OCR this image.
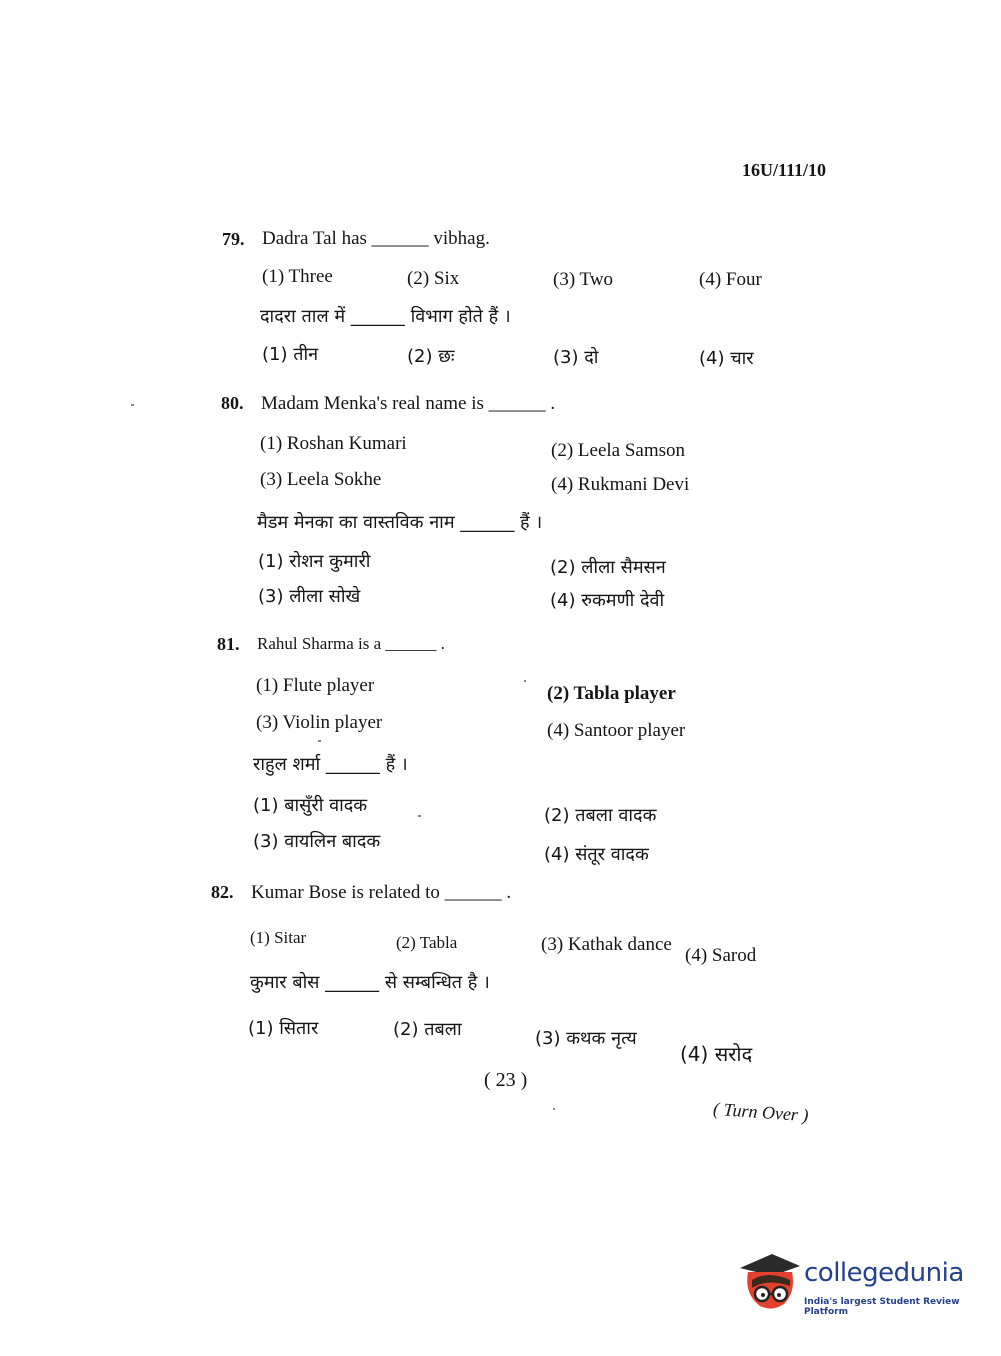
16U/111/10
79. Dadra Tal has ______ vibhag.
(1) Three	(2) Six	(3) Two	(4) Four
दादरा ताल में ______ विभाग होते हैं ।
(1) तीन	(2) छः	(3) दो	(4) चार
80. Madam Menka's real name is ______ .
(1) Roshan Kumari	(2) Leela Samson
(3) Leela Sokhe	(4) Rukmani Devi
मैडम मेनका का वास्तविक नाम ______ हैं ।
(1) रोशन कुमारी	(2) लीला सैमसन
(3) लीला सोखे	(4) रुकमणी देवी
81. Rahul Sharma is a ______ .
(1) Flute player	(2) Tabla player
(3) Violin player	(4) Santoor player
राहुल शर्मा ______ हैं ।
(1) बासुँरी वादक	(2) तबला वादक
(3) वायलिन बादक
(4) संतूर वादक
82. Kumar Bose is related to ______ .
(1) Sitar	(2) Tabla	(3) Kathak dance
(4) Sarod
कुमार बोस ______ से सम्बन्धित है ।
(1) सितार	(2) तबला	(3) कथक नृत्य
(4) सरोद
( 23 )
( Turn Over )
collegedunia
India's largest Student Review Platform
